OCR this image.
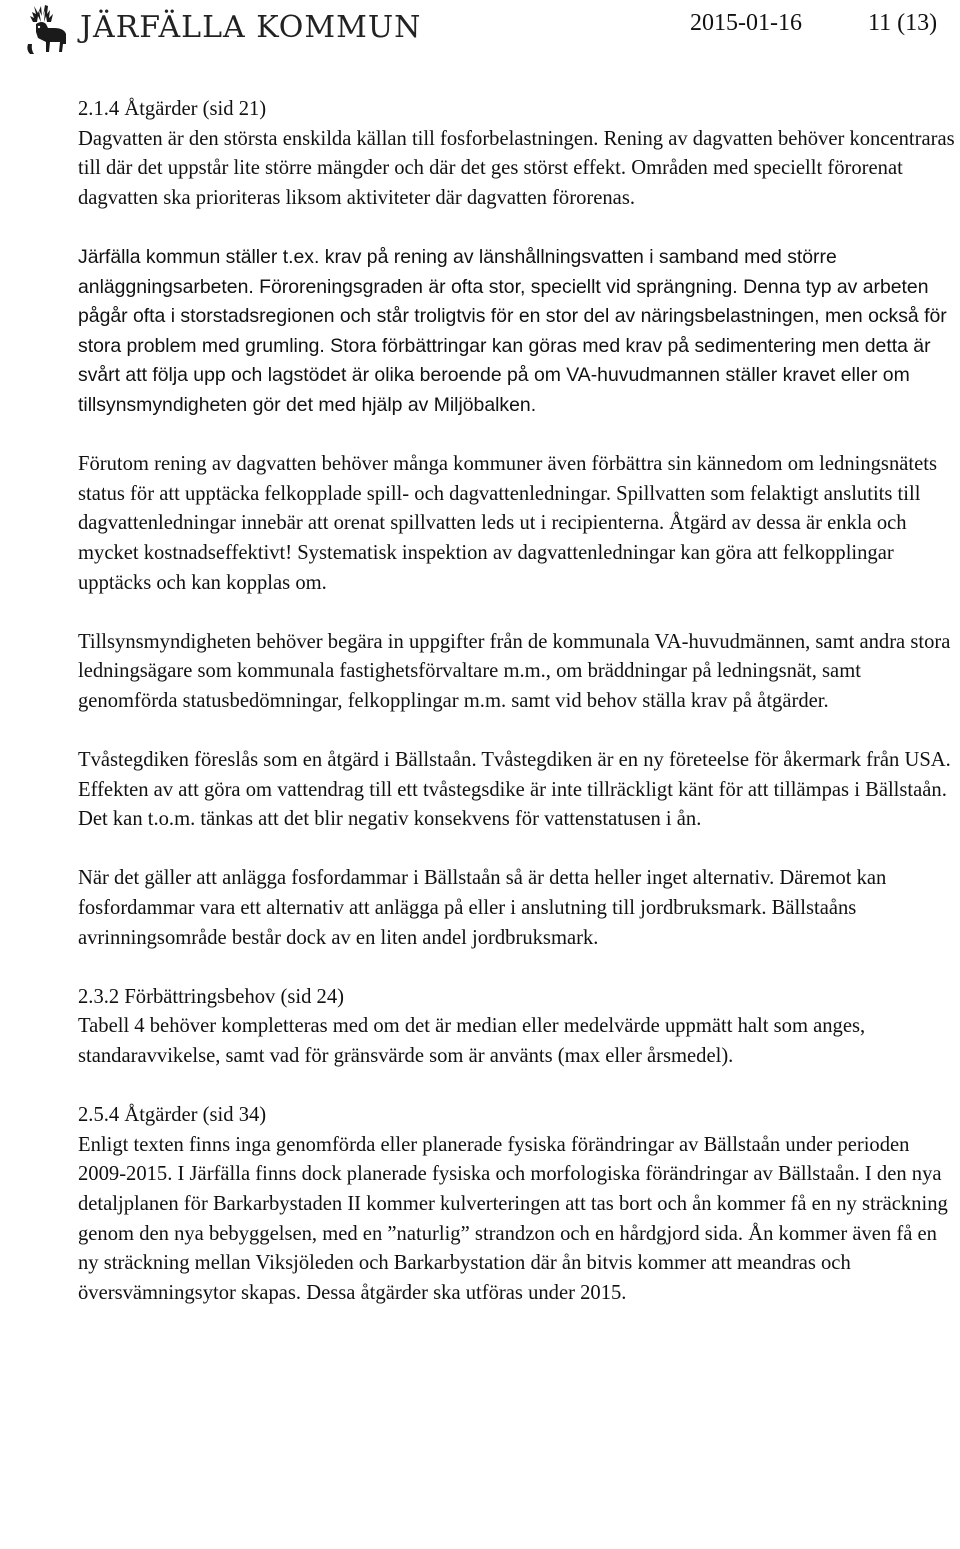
JÄRFÄLLA KOMMUN	2015-01-16	11 (13)
2.1.4 Åtgärder (sid 21)

Dagvatten är den största enskilda källan till fosforbelastningen. Rening av dagvatten behöver koncentraras till där det uppstår lite större mängder och där det ges störst effekt. Områden med speciellt förorenat dagvatten ska prioriteras liksom aktiviteter där dagvatten förorenas.

Järfälla kommun ställer t.ex. krav på rening av länshållningsvatten i samband med större anläggningsarbeten. Föroreningsgraden är ofta stor, speciellt vid sprängning. Denna typ av arbeten pågår ofta i storstadsregionen och står troligtvis för en stor del av näringsbelastningen, men också för stora problem med grumling. Stora förbättringar kan göras med krav på sedimentering men detta är svårt att följa upp och lagstödet är olika beroende på om VA-huvudmannen ställer kravet eller om tillsynsmyndigheten gör det med hjälp av Miljöbalken.

Förutom rening av dagvatten behöver många kommuner även förbättra sin kännedom om ledningsnätets status för att upptäcka felkopplade spill- och dagvattenledningar. Spillvatten som felaktigt anslutits till dagvattenledningar innebär att orenat spillvatten leds ut i recipienterna. Åtgärd av dessa är enkla och mycket kostnadseffektivt! Systematisk inspektion av dagvattenledningar kan göra att felkopplingar upptäcks och kan kopplas om.

Tillsynsmyndigheten behöver begära in uppgifter från de kommunala VA-huvudmännen, samt andra stora ledningsägare som kommunala fastighetsförvaltare m.m., om bräddningar på ledningsnät, samt genomförda statusbedömningar, felkopplingar m.m. samt vid behov ställa krav på åtgärder.

Tvåstegdiken föreslås som en åtgärd i Bällstaån. Tvåstegdiken är en ny företeelse för åkermark från USA. Effekten av att göra om vattendrag till ett tvåstegsdike är inte tillräckligt känt för att tillämpas i Bällstaån. Det kan t.o.m. tänkas att det blir negativ konsekvens för vattenstatusen i ån.

När det gäller att anlägga fosfordammar i Bällstaån så är detta heller inget alternativ. Däremot kan fosfordammar vara ett alternativ att anlägga på eller i anslutning till jordbruksmark. Bällstaåns avrinningsområde består dock av en liten andel jordbruksmark.

2.3.2 Förbättringsbehov (sid 24)

Tabell 4 behöver kompletteras med om det är median eller medelvärde uppmätt halt som anges, standaravvikelse, samt vad för gränsvärde som är använts (max eller årsmedel).

2.5.4 Åtgärder (sid 34)

Enligt texten finns inga genomförda eller planerade fysiska förändringar av Bällstaån under perioden 2009-2015. I Järfälla finns dock planerade fysiska och morfologiska förändringar av Bällstaån. I den nya detaljplanen för Barkarbystaden II kommer kulverteringen att tas bort och ån kommer få en ny sträckning genom den nya bebyggelsen, med en ”naturlig” strandzon och en hårdgjord sida. Ån kommer även få en ny sträckning mellan Viksjöleden och Barkarbystation där ån bitvis kommer att meandras och översvämningsytor skapas. Dessa åtgärder ska utföras under 2015.
